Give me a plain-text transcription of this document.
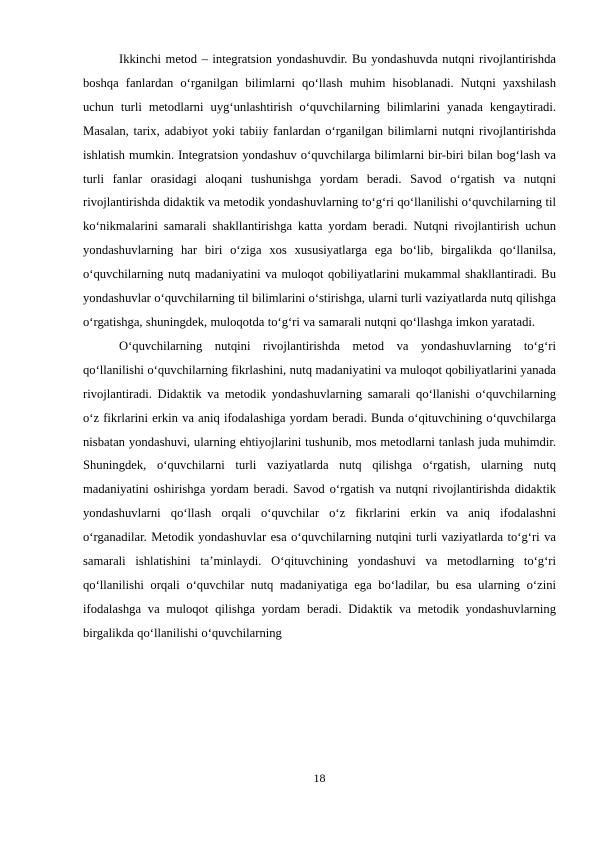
Ikkinchi metod – integratsion yondashuvdir. Bu yondashuvda nutqni rivojlantirishda boshqa fanlardan o‘rganilgan bilimlarni qo‘llash muhim hisoblanadi. Nutqni yaxshilash uchun turli metodlarni uyg‘unlashtirish o‘quvchilarning bilimlarini yanada kengaytiradi. Masalan, tarix, adabiyot yoki tabiiy fanlardan o‘rganilgan bilimlarni nutqni rivojlantirishda ishlatish mumkin. Integratsion yondashuv o‘quvchilarga bilimlarni bir-biri bilan bog‘lash va turli fanlar orasidagi aloqani tushunishga yordam beradi. Savod o‘rgatish va nutqni rivojlantirishda didaktik va metodik yondashuvlarning to‘g‘ri qo‘llanilishi o‘quvchilarning til ko‘nikmalarini samarali shakllantirishga katta yordam beradi. Nutqni rivojlantirish uchun yondashuvlarning har biri o‘ziga xos xususiyatlarga ega bo‘lib, birgalikda qo‘llanilsa, o‘quvchilarning nutq madaniyatini va muloqot qobiliyatlarini mukammal shakllantiradi. Bu yondashuvlar o‘quvchilarning til bilimlarini o‘stirishga, ularni turli vaziyatlarda nutq qilishga o‘rgatishga, shuningdek, muloqotda to‘g‘ri va samarali nutqni qo‘llashga imkon yaratadi.

O‘quvchilarning nutqini rivojlantirishda metod va yondashuvlarning to‘g‘ri qo‘llanilishi o‘quvchilarning fikrlashini, nutq madaniyatini va muloqot qobiliyatlarini yanada rivojlantiradi. Didaktik va metodik yondashuvlarning samarali qo‘llanishi o‘quvchilarning o‘z fikrlarini erkin va aniq ifodalashiga yordam beradi. Bunda o‘qituvchining o‘quvchilarga nisbatan yondashuvi, ularning ehtiyojlarini tushunib, mos metodlarni tanlash juda muhimdir. Shuningdek, o‘quvchilarni turli vaziyatlarda nutq qilishga o‘rgatish, ularning nutq madaniyatini oshirishga yordam beradi. Savod o‘rgatish va nutqni rivojlantirishda didaktik yondashuvlarni qo‘llash orqali o‘quvchilar o‘z fikrlarini erkin va aniq ifodalashni o‘rganadilar. Metodik yondashuvlar esa o‘quvchilarning nutqini turli vaziyatlarda to‘g‘ri va samarali ishlatishini ta’minlaydi. O‘qituvchining yondashuvi va metodlarning to‘g‘ri qo‘llanilishi orqali o‘quvchilar nutq madaniyatiga ega bo‘ladilar, bu esa ularning o‘zini ifodalashga va muloqot qilishga yordam beradi. Didaktik va metodik yondashuvlarning birgalikda qo‘llanilishi o‘quvchilarning

18
